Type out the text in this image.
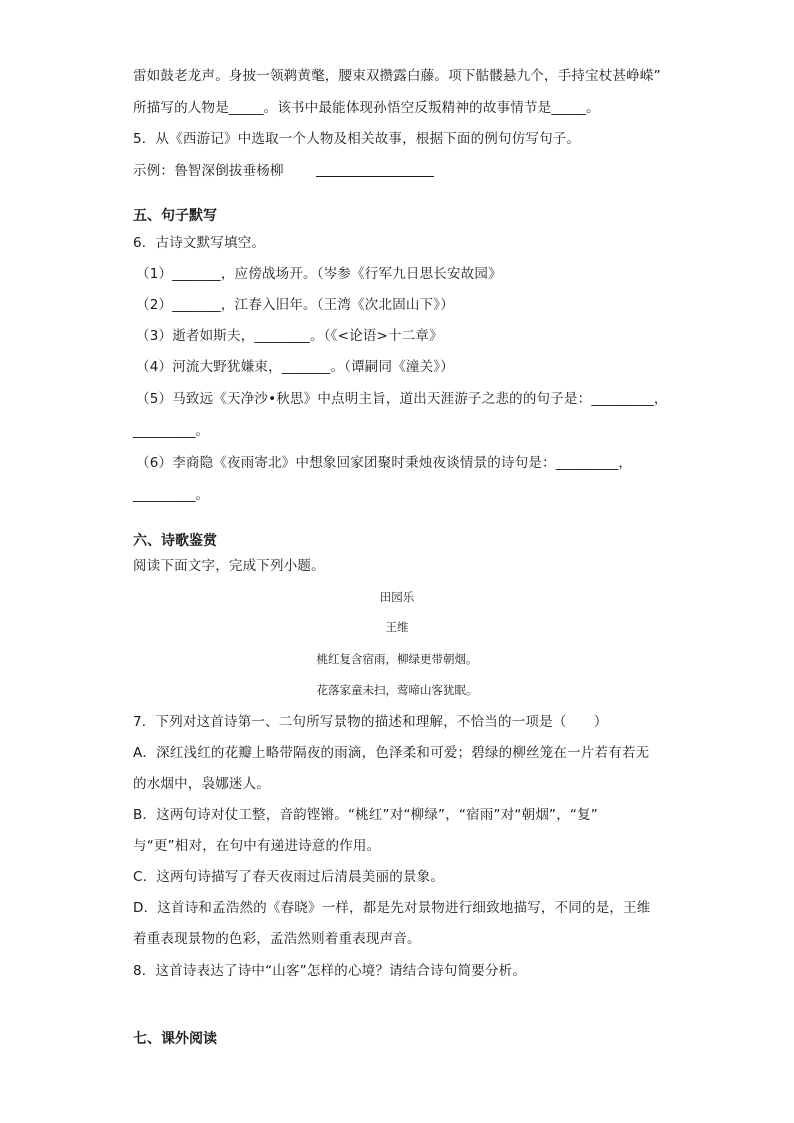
雷如鼓老龙声。身披一领鹈黄氅，腰束双攒露白藤。项下骷髅悬九个，手持宝杖甚峥嵘”
所描写的人物是_____。该书中最能体现孙悟空反叛精神的故事情节是_____。
5．从《西游记》中选取一个人物及相关故事，根据下面的例句仿写句子。
示例：鲁智深倒拔垂杨柳
五、句子默写
6．古诗文默写填空。
（1）_______，应傍战场开。（岑参《行军九日思长安故园》
（2）_______，江春入旧年。（王湾《次北固山下》）
（3）逝者如斯夫，________。（《<论语>十二章》
（4）河流大野犹嫌束，_______。（谭嗣同《潼关》）
（5）马致远《天净沙•秋思》中点明主旨，道出天涯游子之悲的的句子是：_________，
_________。
（6）李商隐《夜雨寄北》中想象回家团聚时秉烛夜谈情景的诗句是：_________，
_________。
六、诗歌鉴赏
阅读下面文字，完成下列小题。
田园乐
王维
桃红复含宿雨，柳绿更带朝烟。
花落家童未扫，莺啼山客犹眠。
7．下列对这首诗第一、二句所写景物的描述和理解，不恰当的一项是（　　）
A．深红浅红的花瓣上略带隔夜的雨滴，色泽柔和可爱；碧绿的柳丝笼在一片若有若无
的水烟中，袅娜迷人。
B．这两句诗对仗工整，音韵铿锵。“桃红”对“柳绿”，“宿雨”对“朝烟”，“复”
与“更”相对，在句中有递进诗意的作用。
C．这两句诗描写了春天夜雨过后清晨美丽的景象。
D．这首诗和孟浩然的《春晓》一样，都是先对景物进行细致地描写，不同的是，王维
着重表现景物的色彩，孟浩然则着重表现声音。
8．这首诗表达了诗中“山客”怎样的心境？请结合诗句简要分析。
七、课外阅读
